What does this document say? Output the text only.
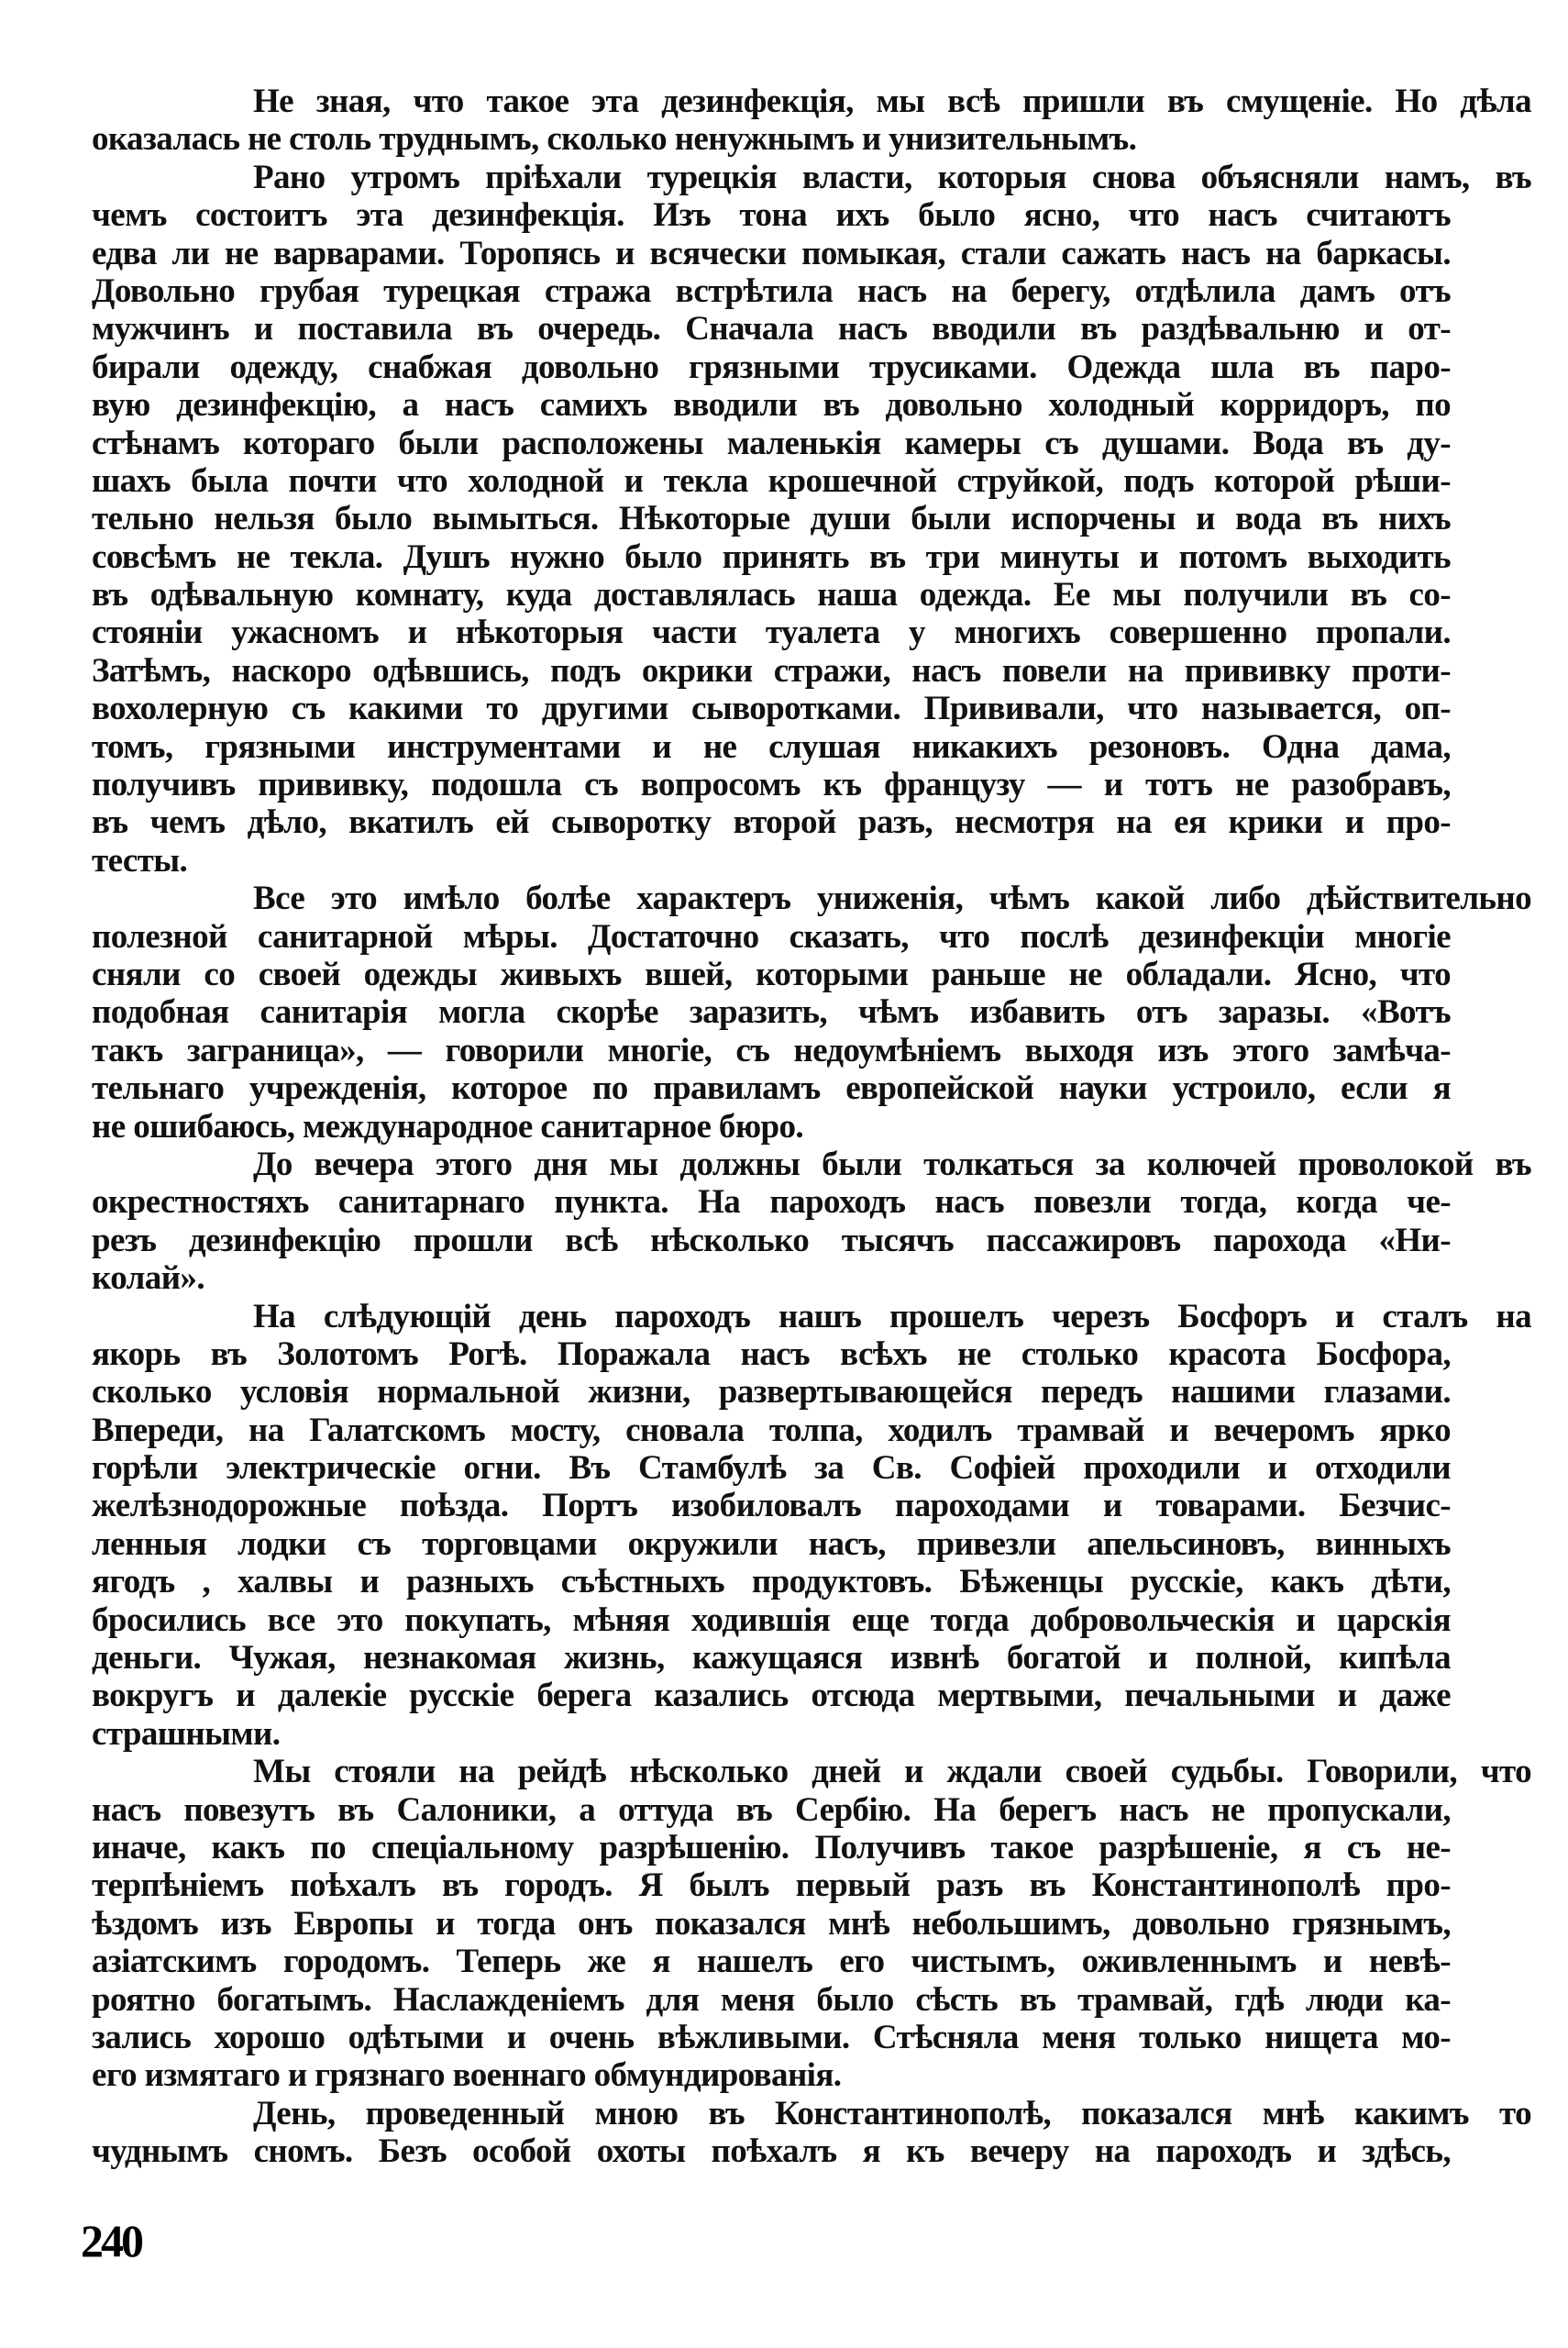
Не зная, что такое эта дезинфекція, мы всѣ пришли въ смущеніе. Но дѣла
оказалась не столь труднымъ, сколько ненужнымъ и унизительнымъ.
Рано утромъ пріѣхали турецкія власти, которыя снова объясняли намъ, въ
чемъ состоитъ эта дезинфекція. Изъ тона ихъ было ясно, что насъ считаютъ
едва ли не варварами. Торопясь и всячески помыкая, стали сажать насъ на баркасы.
Довольно грубая турецкая стража встрѣтила насъ на берегу, отдѣлила дамъ отъ
мужчинъ и поставила въ очередь. Сначала насъ вводили въ раздѣвальню и от-
бирали одежду, снабжая довольно грязными трусиками. Одежда шла въ паро-
вую дезинфекцію, а насъ самихъ вводили въ довольно холодный корридоръ, по
стѣнамъ котораго были расположены маленькія камеры съ душами. Вода въ ду-
шахъ была почти что холодной и текла крошечной струйкой, подъ которой рѣши-
тельно нельзя было вымыться. Нѣкоторые души были испорчены и вода въ нихъ
совсѣмъ не текла. Душъ нужно было принять въ три минуты и потомъ выходить
въ одѣвальную комнату, куда доставлялась наша одежда. Ее мы получили въ со-
стояніи ужасномъ и нѣкоторыя части туалета у многихъ совершенно пропали.
Затѣмъ, наскоро одѣвшись, подъ окрики стражи, насъ повели на прививку проти-
вохолерную съ какими то другими сыворотками. Прививали, что называется, оп-
томъ, грязными инструментами и не слушая никакихъ резоновъ. Одна дама,
получивъ прививку, подошла съ вопросомъ къ французу — и тотъ не разобравъ,
въ чемъ дѣло, вкатилъ ей сыворотку второй разъ, несмотря на ея крики и про-
тесты.
Все это имѣло болѣе характеръ униженія, чѣмъ какой либо дѣйствительно
полезной санитарной мѣры. Достаточно сказать, что послѣ дезинфекціи многіе
сняли со своей одежды живыхъ вшей, которыми раньше не обладали. Ясно, что
подобная санитарія могла скорѣе заразить, чѣмъ избавить отъ заразы. «Вотъ
такъ заграница», — говорили многіе, съ недоумѣніемъ выходя изъ этого замѣча-
тельнаго учрежденія, которое по правиламъ европейской науки устроило, если я
не ошибаюсь, международное санитарное бюро.
До вечера этого дня мы должны были толкаться за колючей проволокой въ
окрестностяхъ санитарнаго пункта. На пароходъ насъ повезли тогда, когда че-
резъ дезинфекцію прошли всѣ нѣсколько тысячъ пассажировъ парохода «Ни-
колай».
На слѣдующій день пароходъ нашъ прошелъ черезъ Босфоръ и сталъ на
якорь въ Золотомъ Рогѣ. Поражала насъ всѣхъ не столько красота Босфора,
сколько условія нормальной жизни, развертывающейся передъ нашими глазами.
Впереди, на Галатскомъ мосту, сновала толпа, ходилъ трамвай и вечеромъ ярко
горѣли электрическіе огни. Въ Стамбулѣ за Св. Софіей проходили и отходили
желѣзнодорожные поѣзда. Портъ изобиловалъ пароходами и товарами. Безчис-
ленныя лодки съ торговцами окружили насъ, привезли апельсиновъ, винныхъ
ягодъ , халвы и разныхъ съѣстныхъ продуктовъ. Бѣженцы русскіе, какъ дѣти,
бросились все это покупать, мѣняя ходившія еще тогда добровольческія и царскія
деньги. Чужая, незнакомая жизнь, кажущаяся извнѣ богатой и полной, кипѣла
вокругъ и далекіе русскіе берега казались отсюда мертвыми, печальными и даже
страшными.
Мы стояли на рейдѣ нѣсколько дней и ждали своей судьбы. Говорили, что
насъ повезутъ въ Салоники, а оттуда въ Сербію. На берегъ насъ не пропускали,
иначе, какъ по спеціальному разрѣшенію. Получивъ такое разрѣшеніе, я съ не-
терпѣніемъ поѣхалъ въ городъ. Я былъ первый разъ въ Константинополѣ про-
ѣздомъ изъ Европы и тогда онъ показался мнѣ небольшимъ, довольно грязнымъ,
азіатскимъ городомъ. Теперь же я нашелъ его чистымъ, оживленнымъ и невѣ-
роятно богатымъ. Наслажденіемъ для меня было сѣсть въ трамвай, гдѣ люди ка-
зались хорошо одѣтыми и очень вѣжливыми. Стѣсняла меня только нищета мо-
его измятаго и грязнаго военнаго обмундированія.
День, проведенный мною въ Константинополѣ, показался мнѣ какимъ то
чуднымъ сномъ. Безъ особой охоты поѣхалъ я къ вечеру на пароходъ и здѣсь,
240
